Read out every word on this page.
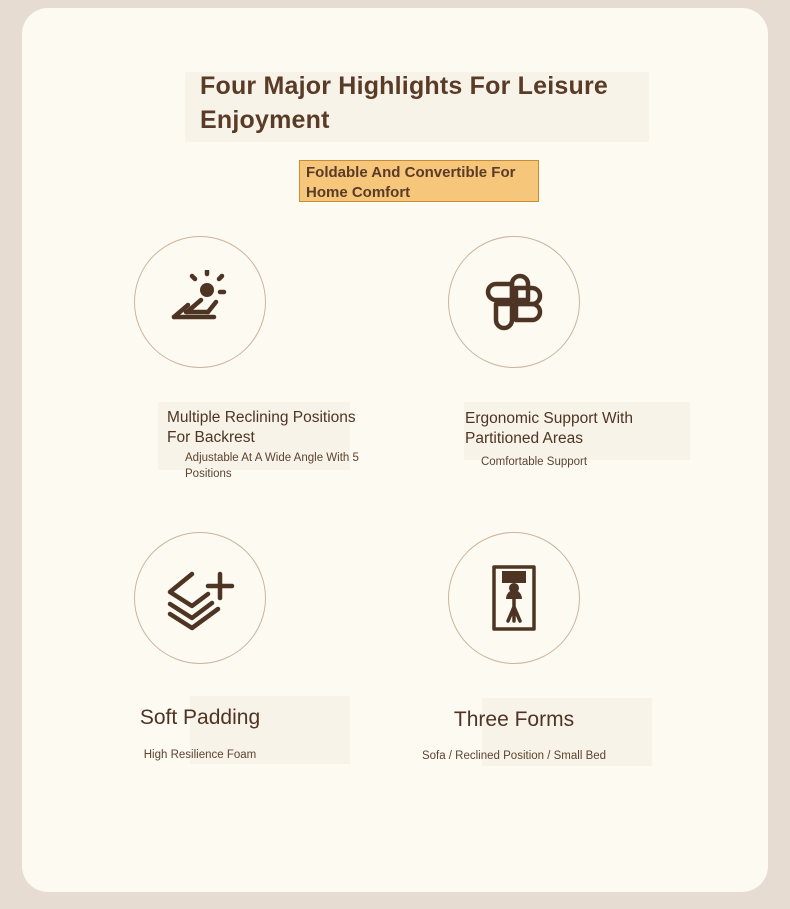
Four Major Highlights For Leisure Enjoyment
Foldable And Convertible For Home Comfort
Multiple Reclining Positions For Backrest
Adjustable At A Wide Angle With 5 Positions
Ergonomic Support With Partitioned Areas
Comfortable Support
Soft Padding
High Resilience Foam
Three Forms
Sofa / Reclined Position / Small Bed
